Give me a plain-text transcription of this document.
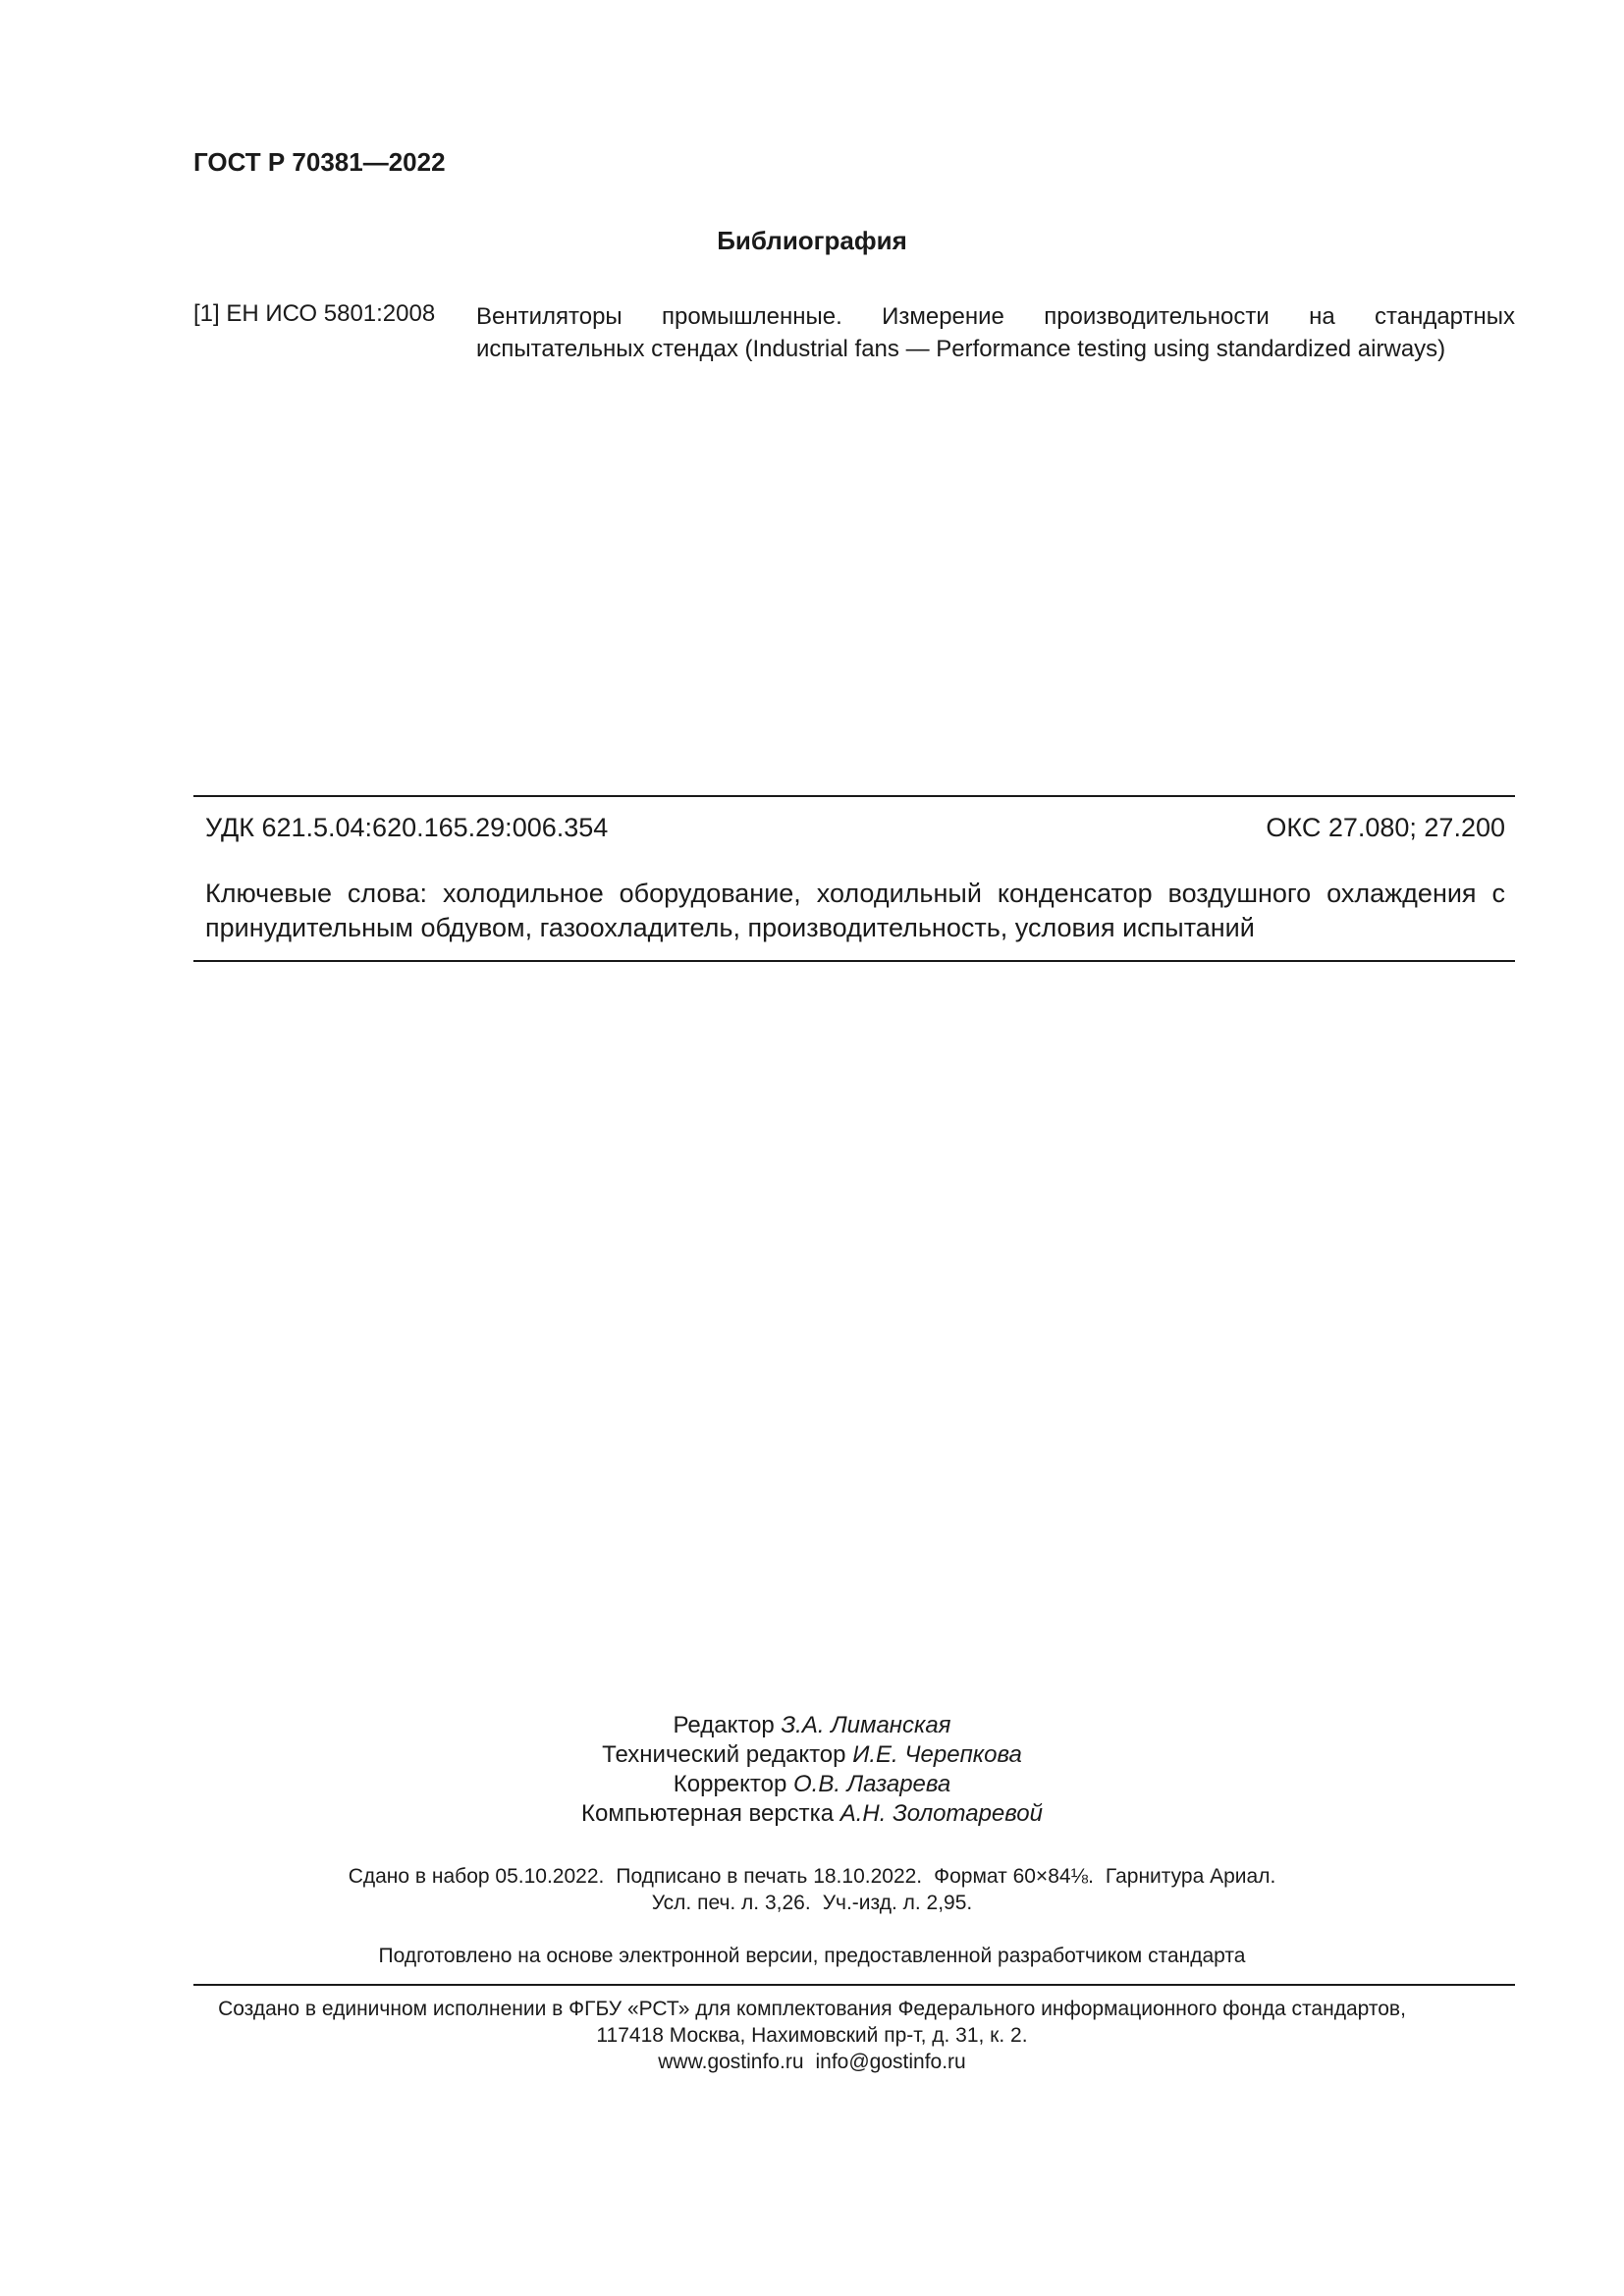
ГОСТ Р 70381—2022
Библиография
[1] ЕН ИСО 5801:2008 Вентиляторы промышленные. Измерение производительности на стандартных
испытательных стендах (Industrial fans — Performance testing using standardized airways)
УДК 621.5.04:620.165.29:006.354	ОКС 27.080; 27.200
Ключевые слова: холодильное оборудование, холодильный конденсатор воздушного охлаждения с
принудительным обдувом, газоохладитель, производительность, условия испытаний
Редактор З.А. Лиманская
Технический редактор И.Е. Черепкова
Корректор О.В. Лазарева
Компьютерная верстка А.Н. Золотаревой
Сдано в набор 05.10.2022. Подписано в печать 18.10.2022. Формат 60×84⅛. Гарнитура Ариал.
Усл. печ. л. 3,26. Уч.-изд. л. 2,95.
Подготовлено на основе электронной версии, предоставленной разработчиком стандарта
Создано в единичном исполнении в ФГБУ «РСТ» для комплектования Федерального информационного фонда стандартов,
117418 Москва, Нахимовский пр-т, д. 31, к. 2.
www.gostinfo.ru info@gostinfo.ru
